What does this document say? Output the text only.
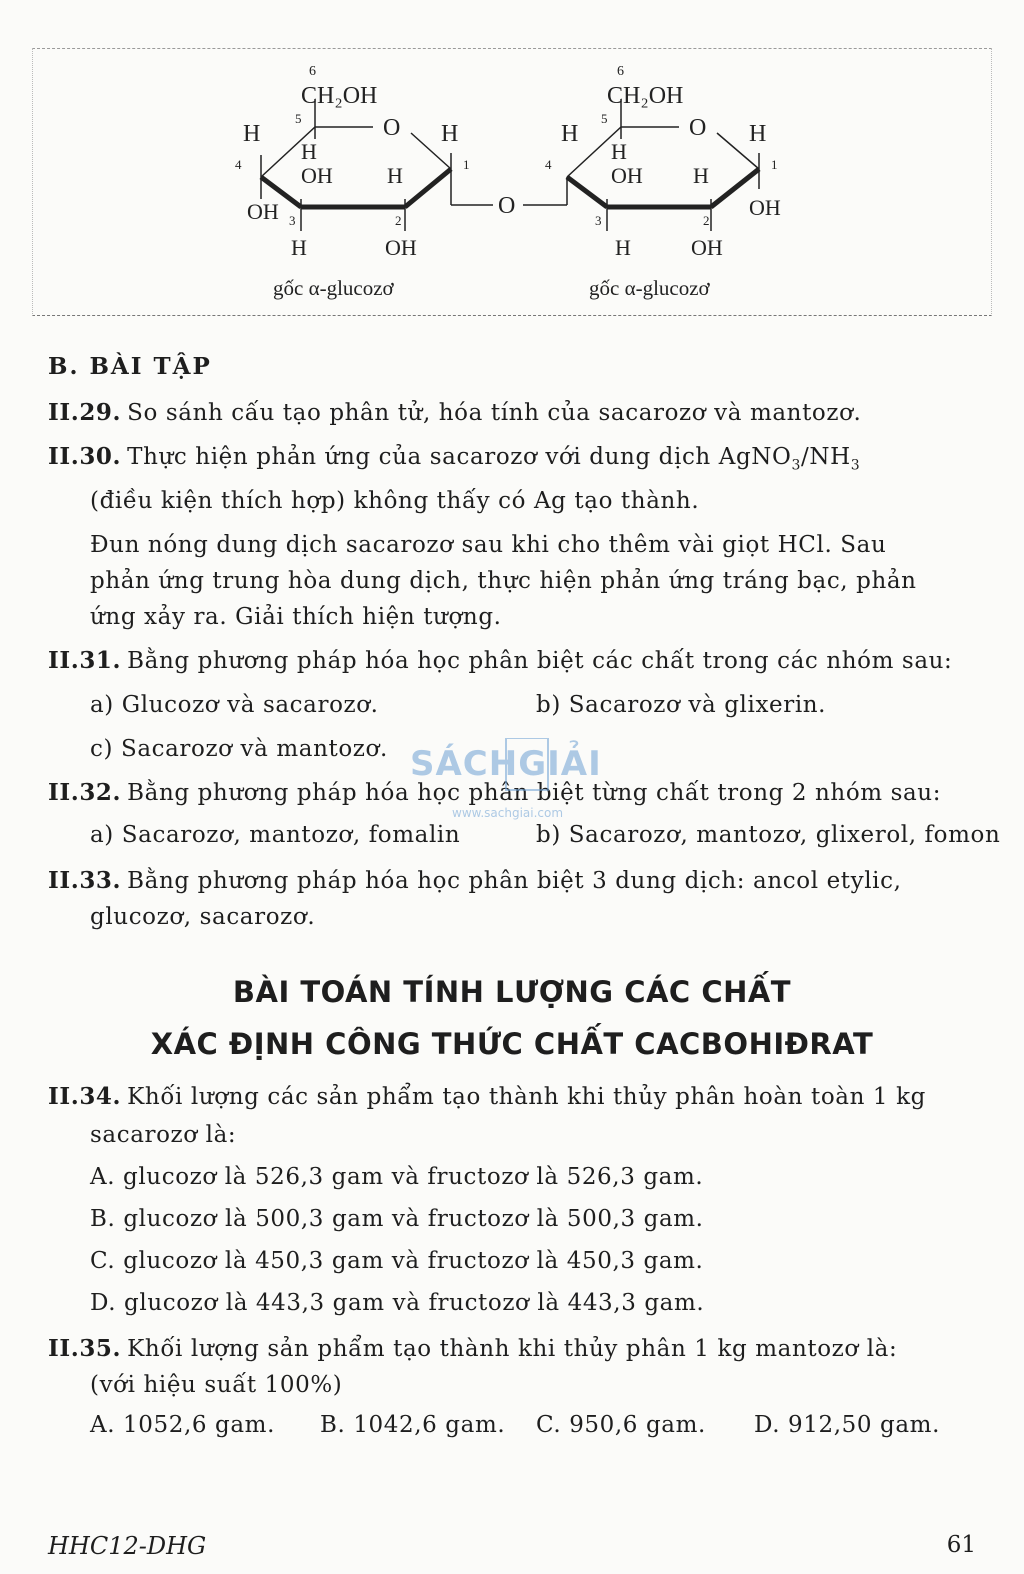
6
CH₂OH
5	O
H	H
H
4	OH H	1
OH 3	2
H	OH
gốc α-glucozơ
O
6
CH₂OH
5	O
H	H
H
4	OH H	1
OH
3	2
H	OH
gốc α-glucozơ
B. BÀI TẬP
II.29. So sánh cấu tạo phân tử, hóa tính của sacarozơ và mantozơ.
II.30. Thực hiện phản ứng của sacarozơ với dung dịch $AgNO_3/NH_3$
(điều kiện thích hợp) không thấy có Ag tạo thành.
Đun nóng dung dịch sacarozơ sau khi cho thêm vài giọt HCl. Sau
phản ứng trung hòa dung dịch, thực hiện phản ứng tráng bạc, phản
ứng xảy ra. Giải thích hiện tượng.
II.31. Bằng phương pháp hóa học phân biệt các chất trong các nhóm sau:
a) Glucozơ và sacarozơ.	b) Sacarozơ và glixerin.
c) Sacarozơ và mantozơ.
II.32. Bằng phương pháp hóa học phân biệt từng chất trong 2 nhóm sau:
a) Sacarozơ, mantozơ, fomalin	b) Sacarozơ, mantozơ, glixerol, fomon
II.33. Bằng phương pháp hóa học phân biệt 3 dung dịch: ancol etylic,
glucozơ, sacarozơ.
BÀI TOÁN TÍNH LƯỢNG CÁC CHẤT
XÁC ĐỊNH CÔNG THỨC CHẤT CACBOHIĐRAT
II.34. Khối lượng các sản phẩm tạo thành khi thủy phân hoàn toàn 1 kg
sacarozơ là:
A. glucozơ là 526,3 gam và fructozơ là 526,3 gam.
B. glucozơ là 500,3 gam và fructozơ là 500,3 gam.
C. glucozơ là 450,3 gam và fructozơ là 450,3 gam.
D. glucozơ là 443,3 gam và fructozơ là 443,3 gam.
II.35. Khối lượng sản phẩm tạo thành khi thủy phân 1 kg mantozơ là:
(với hiệu suất 100%)
A. 1052,6 gam.	B. 1042,6 gam.	C. 950,6 gam.	D. 912,50 gam.
HHC12-DHG	61
SÁCHGIẢI
www.sachgiai.com
